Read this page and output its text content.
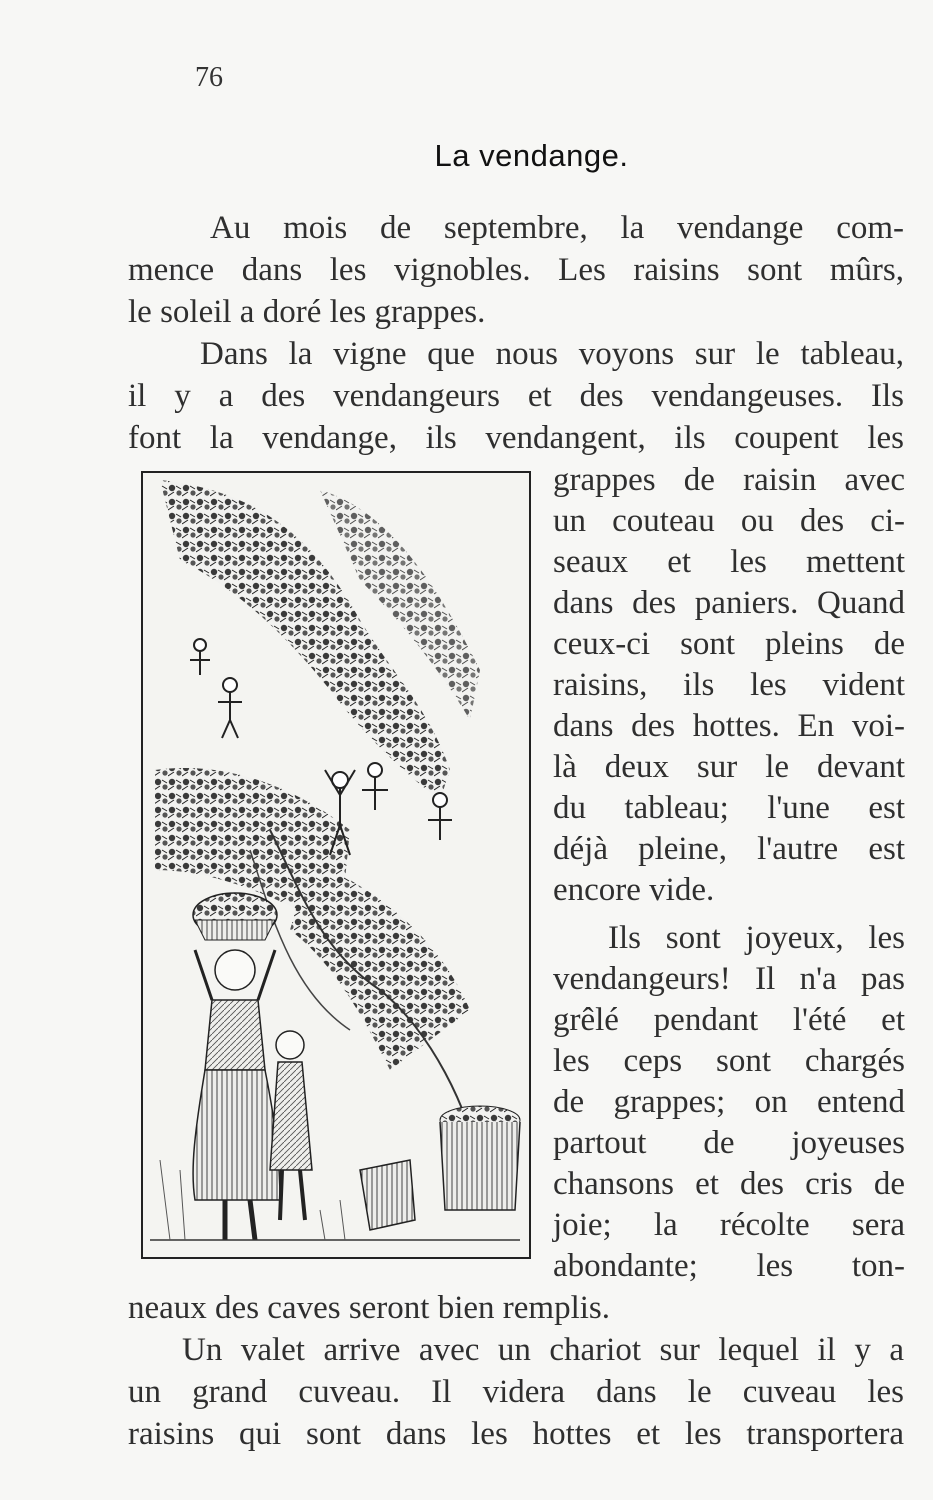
76
La vendange.
Au mois de septembre, la vendange com-
mence dans les vignobles. Les raisins sont mûrs,
le soleil a doré les grappes.
Dans la vigne que nous voyons sur le tableau,
il y a des vendangeurs et des vendangeuses. Ils
font la vendange, ils vendangent, ils coupent les
grappes de raisin avec
un couteau ou des ci-
seaux et les mettent
dans des paniers. Quand
ceux-ci sont pleins de
raisins, ils les vident
dans des hottes. En voi-
là deux sur le devant
du tableau; l'une est
déjà pleine, l'autre est
encore vide.
Ils sont joyeux, les
vendangeurs! Il n'a pas
grêlé pendant l'été et
les ceps sont chargés
de grappes; on entend
partout de joyeuses
chansons et des cris de
joie; la récolte sera
abondante; les ton-
neaux des caves seront bien remplis.
Un valet arrive avec un chariot sur lequel il y a
un grand cuveau. Il videra dans le cuveau les
raisins qui sont dans les hottes et les transportera
